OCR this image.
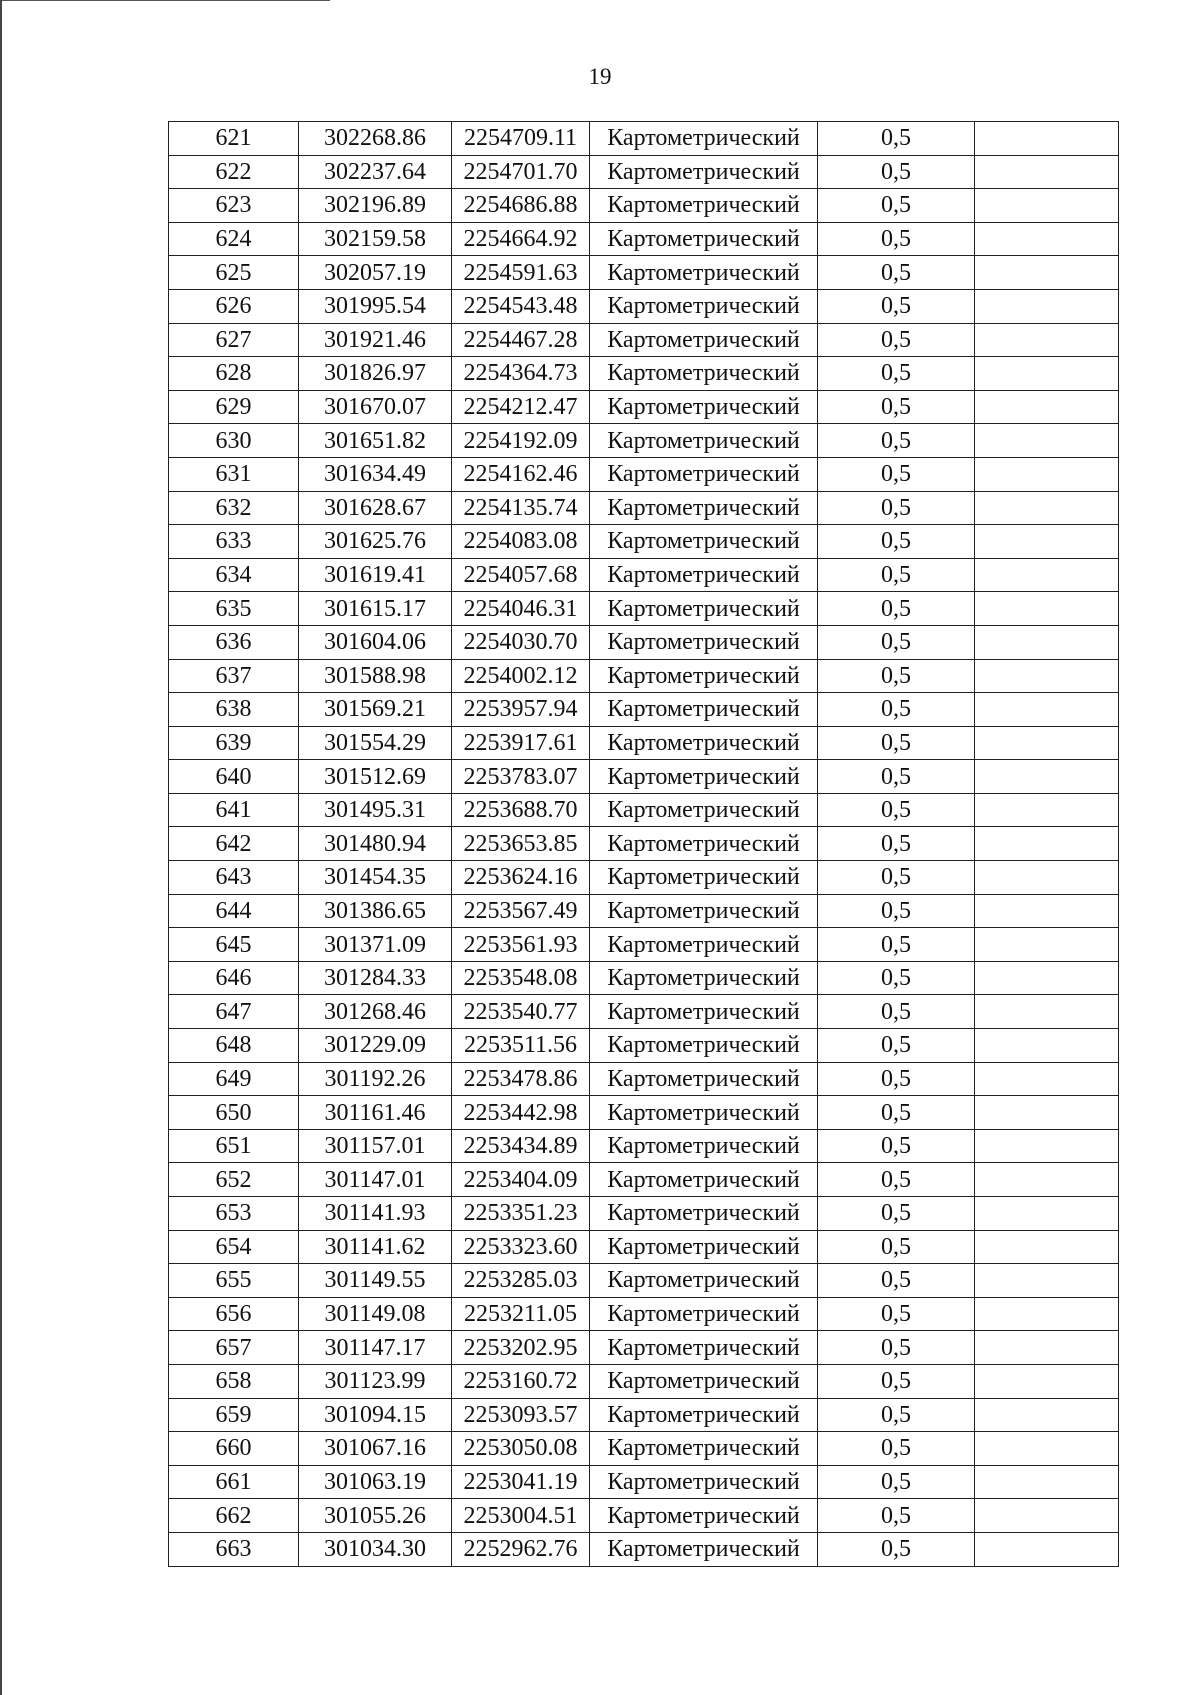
19
621	302268.86	2254709.11	Картометрический	0,5	
622	302237.64	2254701.70	Картометрический	0,5	
623	302196.89	2254686.88	Картометрический	0,5	
624	302159.58	2254664.92	Картометрический	0,5	
625	302057.19	2254591.63	Картометрический	0,5	
626	301995.54	2254543.48	Картометрический	0,5	
627	301921.46	2254467.28	Картометрический	0,5	
628	301826.97	2254364.73	Картометрический	0,5	
629	301670.07	2254212.47	Картометрический	0,5	
630	301651.82	2254192.09	Картометрический	0,5	
631	301634.49	2254162.46	Картометрический	0,5	
632	301628.67	2254135.74	Картометрический	0,5	
633	301625.76	2254083.08	Картометрический	0,5	
634	301619.41	2254057.68	Картометрический	0,5	
635	301615.17	2254046.31	Картометрический	0,5	
636	301604.06	2254030.70	Картометрический	0,5	
637	301588.98	2254002.12	Картометрический	0,5	
638	301569.21	2253957.94	Картометрический	0,5	
639	301554.29	2253917.61	Картометрический	0,5	
640	301512.69	2253783.07	Картометрический	0,5	
641	301495.31	2253688.70	Картометрический	0,5	
642	301480.94	2253653.85	Картометрический	0,5	
643	301454.35	2253624.16	Картометрический	0,5	
644	301386.65	2253567.49	Картометрический	0,5	
645	301371.09	2253561.93	Картометрический	0,5	
646	301284.33	2253548.08	Картометрический	0,5	
647	301268.46	2253540.77	Картометрический	0,5	
648	301229.09	2253511.56	Картометрический	0,5	
649	301192.26	2253478.86	Картометрический	0,5	
650	301161.46	2253442.98	Картометрический	0,5	
651	301157.01	2253434.89	Картометрический	0,5	
652	301147.01	2253404.09	Картометрический	0,5	
653	301141.93	2253351.23	Картометрический	0,5	
654	301141.62	2253323.60	Картометрический	0,5	
655	301149.55	2253285.03	Картометрический	0,5	
656	301149.08	2253211.05	Картометрический	0,5	
657	301147.17	2253202.95	Картометрический	0,5	
658	301123.99	2253160.72	Картометрический	0,5	
659	301094.15	2253093.57	Картометрический	0,5	
660	301067.16	2253050.08	Картометрический	0,5	
661	301063.19	2253041.19	Картометрический	0,5	
662	301055.26	2253004.51	Картометрический	0,5	
663	301034.30	2252962.76	Картометрический	0,5	
